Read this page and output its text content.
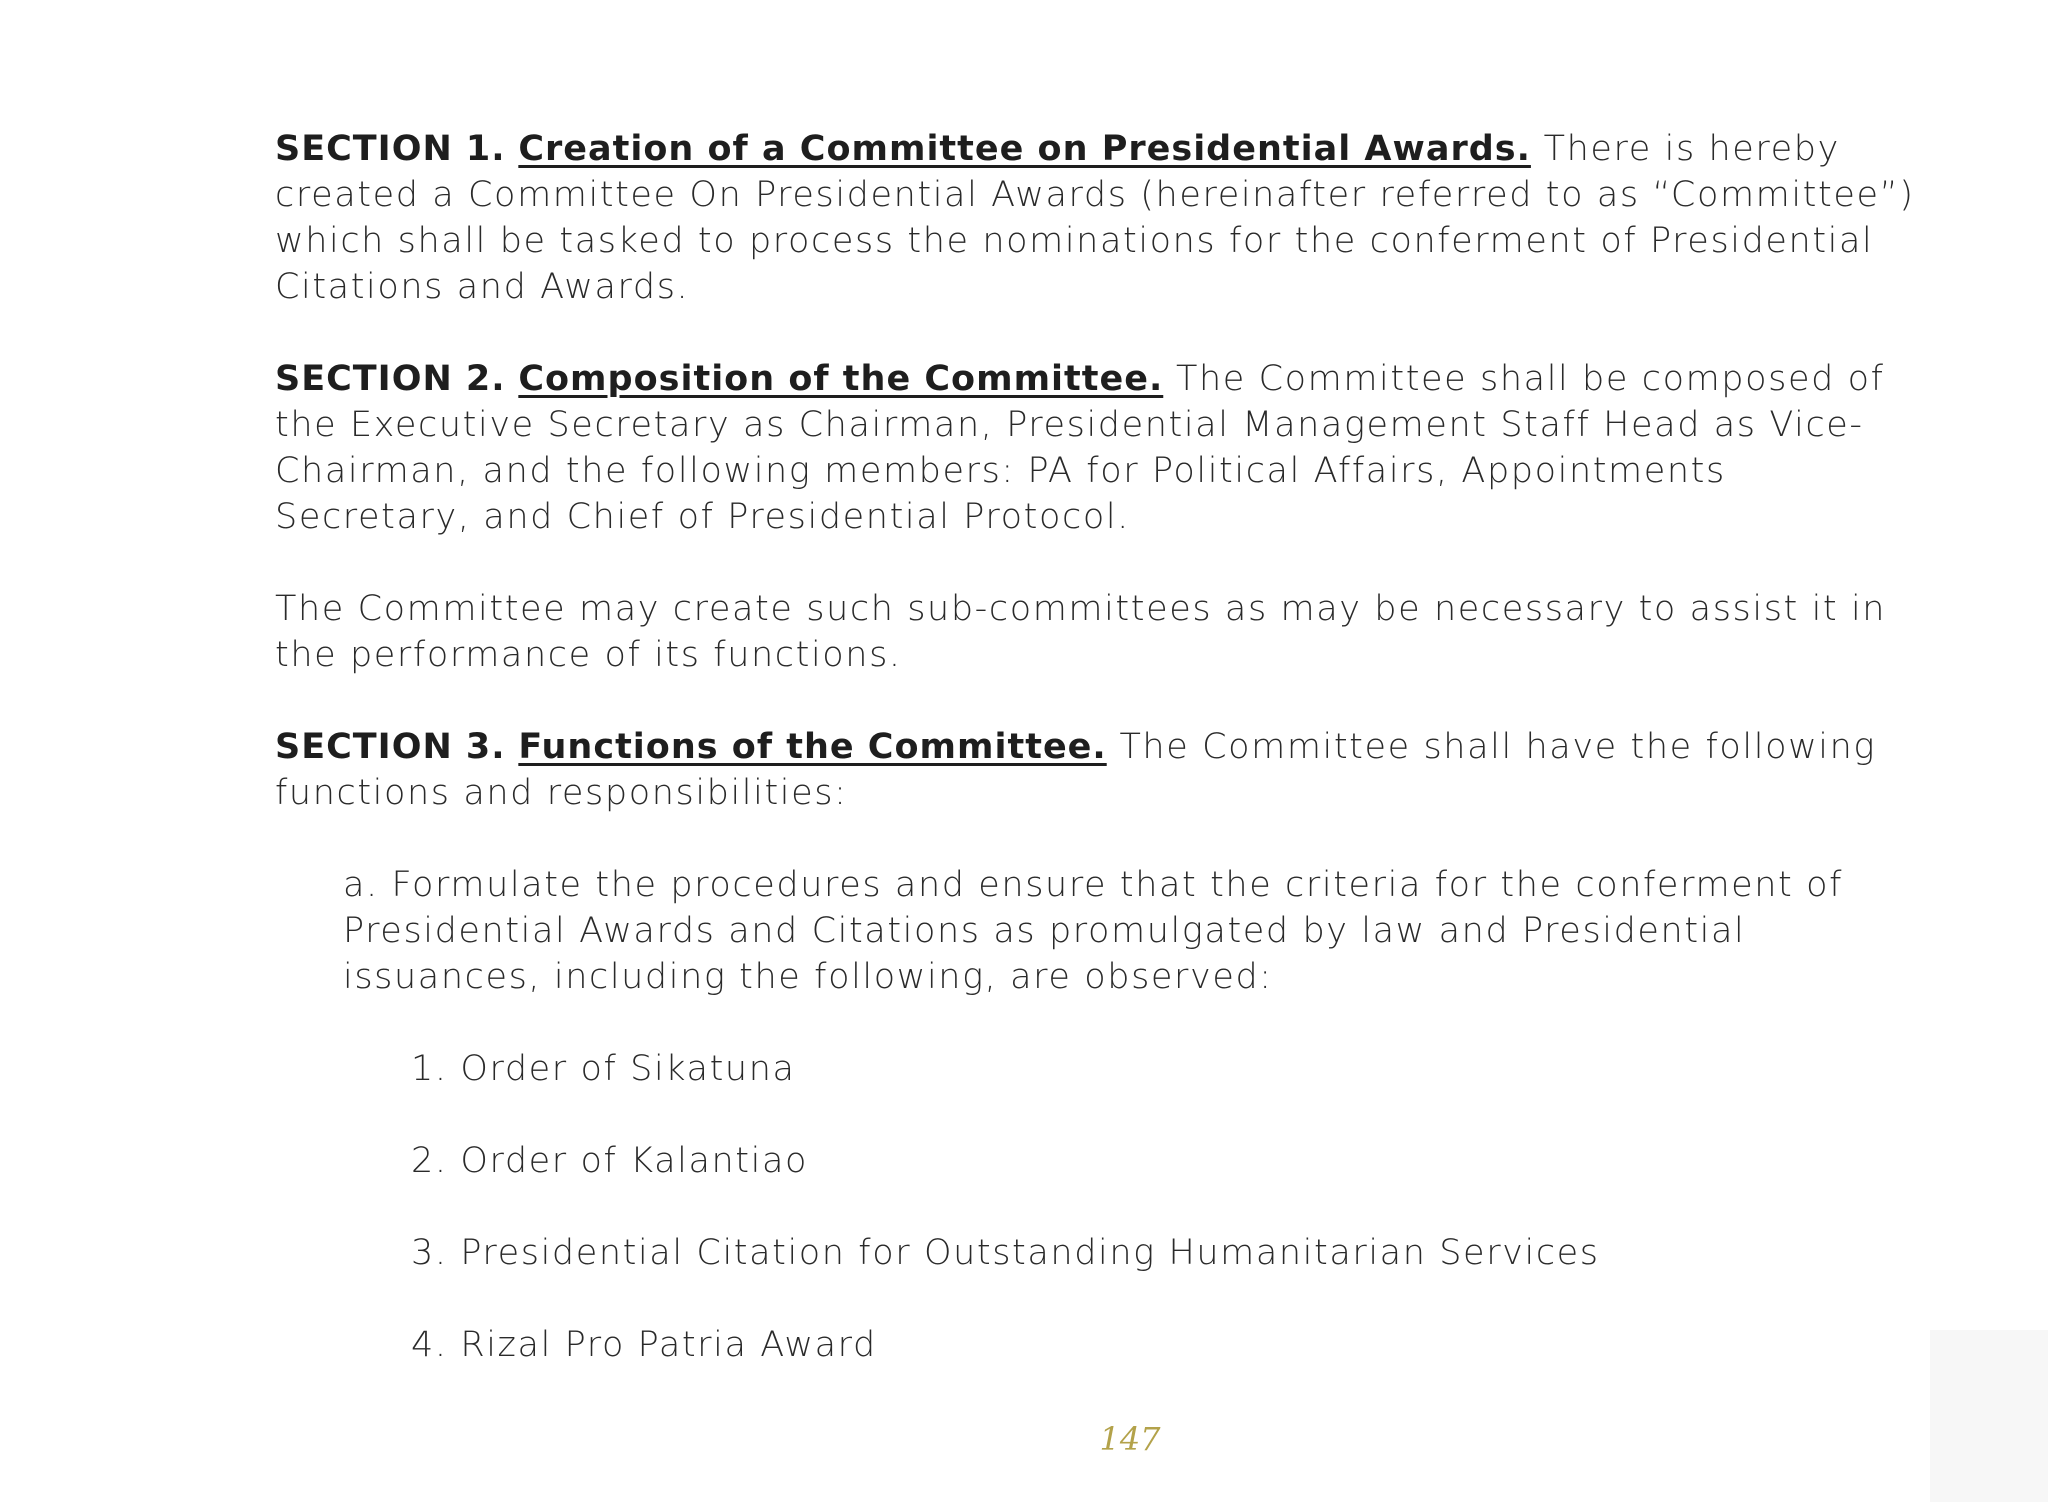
SECTION 1. Creation of a Committee on Presidential Awards. There is hereby created a Committee On Presidential Awards (hereinafter referred to as “Committee”) which shall be tasked to process the nominations for the conferment of Presidential Citations and Awards.

SECTION 2. Composition of the Committee. The Committee shall be composed of the Executive Secretary as Chairman, Presidential Management Staff Head as Vice-Chairman, and the following members: PA for Political Affairs, Appointments Secretary, and Chief of Presidential Protocol.

The Committee may create such sub-committees as may be necessary to assist it in the performance of its functions.

SECTION 3. Functions of the Committee. The Committee shall have the following functions and responsibilities:

a. Formulate the procedures and ensure that the criteria for the conferment of Presidential Awards and Citations as promulgated by law and Presidential issuances, including the following, are observed:

1. Order of Sikatuna

2. Order of Kalantiao

3. Presidential Citation for Outstanding Humanitarian Services

4. Rizal Pro Patria Award

147
